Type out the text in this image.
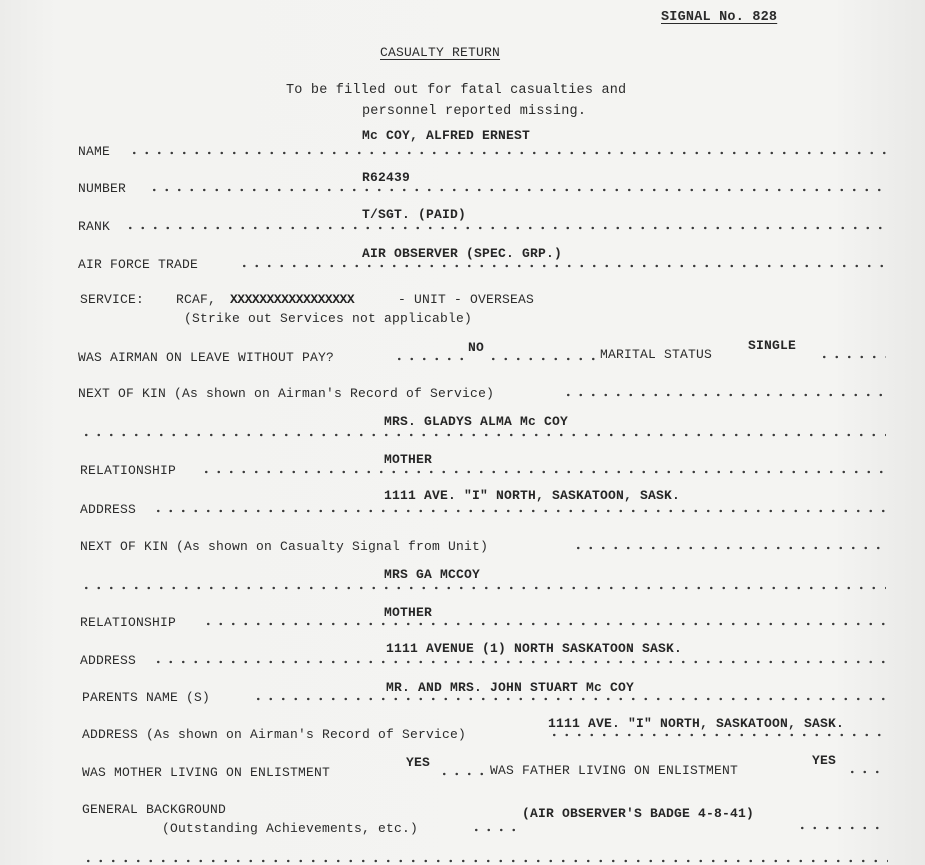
SIGNAL No. 828
CASUALTY RETURN
To be filled out for fatal casualties and
personnel reported missing.
Mc COY, ALFRED ERNEST
NAME
R62439
NUMBER
T/SGT. (PAID)
RANK
AIR OBSERVER (SPEC. GRP.)
AIR FORCE TRADE
SERVICE: RCAF, XXXXXXXXXXXXXXXXX	- UNIT - OVERSEAS
(Strike out Services not applicable)
NO
WAS AIRMAN ON LEAVE WITHOUT PAY?	MARITAL STATUS
SINGLE
NEXT OF KIN (As shown on Airman's Record of Service)
MRS. GLADYS ALMA Mc COY
MOTHER
RELATIONSHIP
1111 AVE. "I" NORTH, SASKATOON, SASK.
ADDRESS
NEXT OF KIN (As shown on Casualty Signal from Unit)
MRS GA MCCOY
MOTHER
RELATIONSHIP
1111 AVENUE (1) NORTH SASKATOON SASK.
ADDRESS
MR. AND MRS. JOHN STUART Mc COY
PARENTS NAME (S)
ADDRESS (As shown on Airman's Record of Service)
1111 AVE. "I" NORTH, SASKATOON, SASK.
WAS MOTHER LIVING ON ENLISTMENT
YES
WAS FATHER LIVING ON ENLISTMENT
YES
GENERAL BACKGROUND
(Outstanding Achievements, etc.)
(AIR OBSERVER'S BADGE 4-8-41)
